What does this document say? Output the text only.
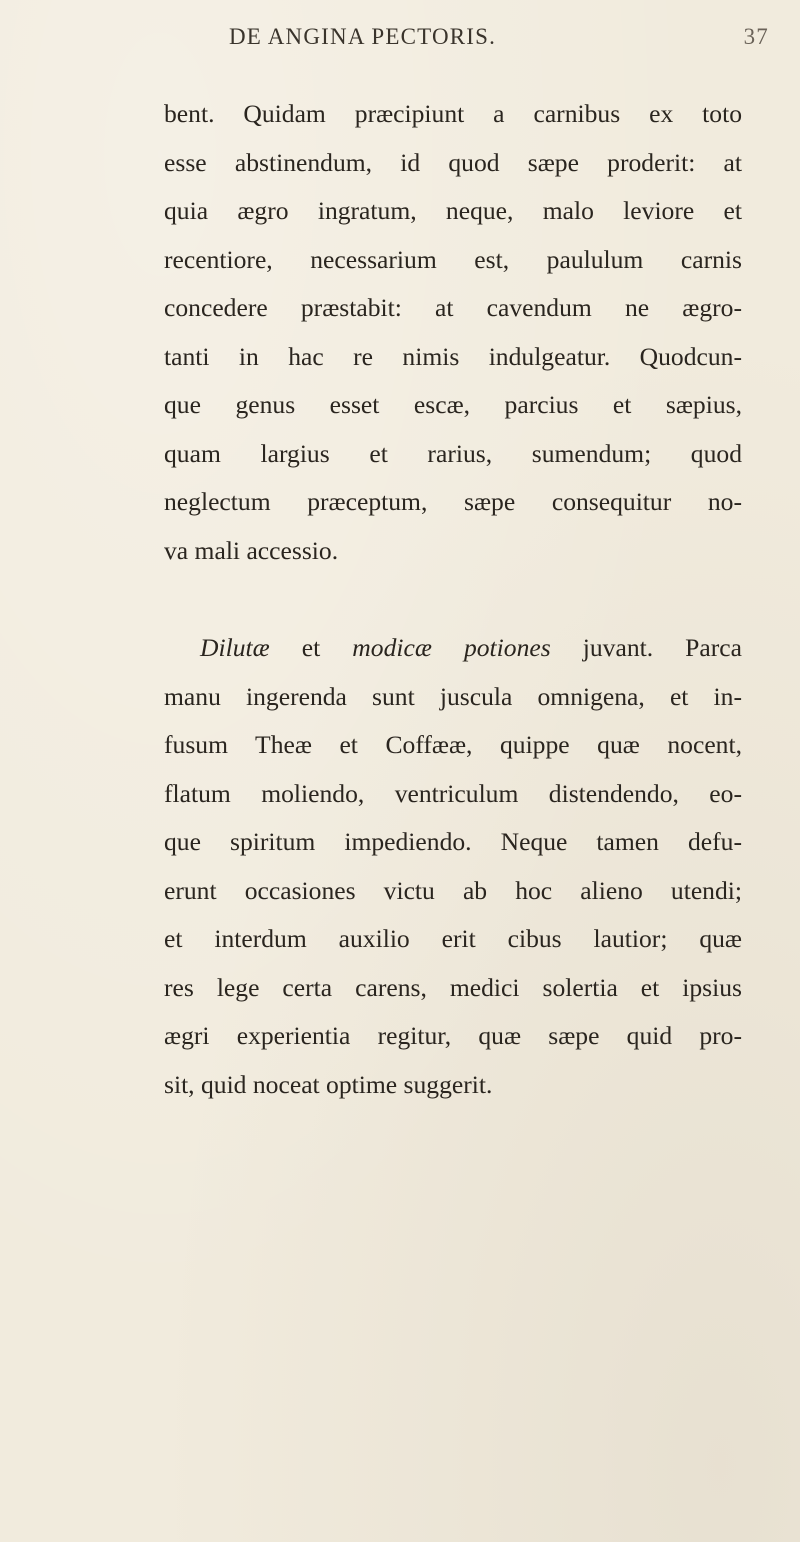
DE ANGINA PECTORIS.	37

bent. Quidam præcipiunt a carnibus ex toto
esse abstinendum, id quod sæpe proderit: at
quia ægro ingratum, neque, malo leviore et
recentiore, necessarium est, paululum carnis
concedere præstabit: at cavendum ne ægro-
tanti in hac re nimis indulgeatur. Quodcun-
que genus esset escæ, parcius et sæpius,
quam largius et rarius, sumendum; quod
neglectum præceptum, sæpe consequitur no-
va mali accessio.

Dilutæ et modicæ potiones juvant. Parca
manu ingerenda sunt juscula omnigena, et in-
fusum Theæ et Coffææ, quippe quæ nocent,
flatum moliendo, ventriculum distendendo, eo-
que spiritum impediendo. Neque tamen defu-
erunt occasiones victu ab hoc alieno utendi;
et interdum auxilio erit cibus lautior; quæ
res lege certa carens, medici solertia et ipsius
ægri experientia regitur, quæ sæpe quid pro-
sit, quid noceat optime suggerit.
